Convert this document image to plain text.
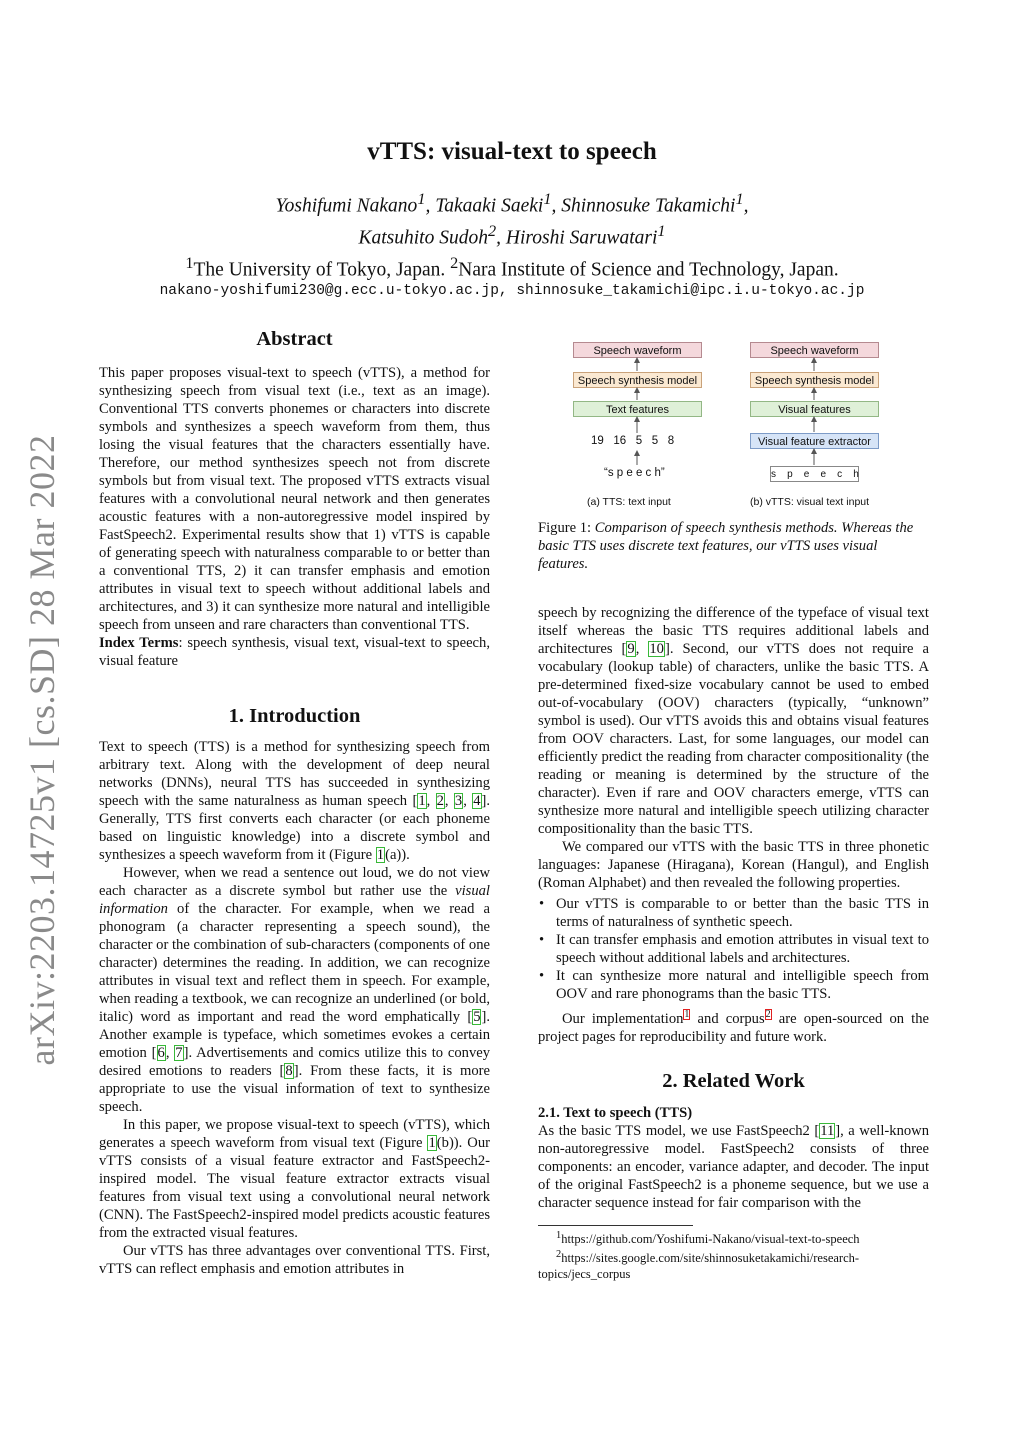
arXiv:2203.14725v1 [cs.SD] 28 Mar 2022
vTTS: visual-text to speech
Yoshifumi Nakano$^1$, Takaaki Saeki$^1$, Shinnosuke Takamichi$^1$,
Katsuhito Sudoh$^2$, Hiroshi Saruwatari$^1$
$^1$The University of Tokyo, Japan. $^2$Nara Institute of Science and Technology, Japan.
nakano-yoshifumi230@g.ecc.u-tokyo.ac.jp, shinnosuke_takamichi@ipc.i.u-tokyo.ac.jp
Abstract

This paper proposes visual-text to speech (vTTS), a method for synthesizing speech from visual text (i.e., text as an image). Conventional TTS converts phonemes or characters into discrete symbols and synthesizes a speech waveform from them, thus losing the visual features that the characters essentially have. Therefore, our method synthesizes speech not from discrete symbols but from visual text. The proposed vTTS extracts visual features with a convolutional neural network and then generates acoustic features with a non-autoregressive model inspired by FastSpeech2. Experimental results show that 1) vTTS is capable of generating speech with naturalness comparable to or better than a conventional TTS, 2) it can transfer emphasis and emotion attributes in visual text to speech without additional labels and architectures, and 3) it can synthesize more natural and intelligible speech from unseen and rare characters than conventional TTS.

Index Terms: speech synthesis, visual text, visual-text to speech, visual feature

1. Introduction

Text to speech (TTS) is a method for synthesizing speech from arbitrary text. Along with the development of deep neural networks (DNNs), neural TTS has succeeded in synthesizing speech with the same naturalness as human speech [1, 2, 3, 4]. Generally, TTS first converts each character (or each phoneme based on linguistic knowledge) into a discrete symbol and synthesizes a speech waveform from it (Figure 1(a)).

However, when we read a sentence out loud, we do not view each character as a discrete symbol but rather use the visual information of the character. For example, when we read a phonogram (a character representing a speech sound), the character or the combination of sub-characters (components of one character) determines the reading. In addition, we can recognize attributes in visual text and reflect them in speech. For example, when reading a textbook, we can recognize an underlined (or bold, italic) word as important and read the word emphatically [5]. Another example is typeface, which sometimes evokes a certain emotion [6, 7]. Advertisements and comics utilize this to convey desired emotions to readers [8]. From these facts, it is more appropriate to use the visual information of text to synthesize speech.

In this paper, we propose visual-text to speech (vTTS), which generates a speech waveform from visual text (Figure 1(b)). Our vTTS consists of a visual feature extractor and FastSpeech2-inspired model. The visual feature extractor extracts visual features from visual text using a convolutional neural network (CNN). The FastSpeech2-inspired model predicts acoustic features from the extracted visual features.

Our vTTS has three advantages over conventional TTS. First, vTTS can reflect emphasis and emotion attributes in

Speech waveform
Speech synthesis model
Text features
19   16   5   5   8
“s p e e c h”
(a) TTS: text input
Speech waveform
Speech synthesis model
Visual features
Visual feature extractor
s    p    e    e    c    h
(b) vTTS: visual text input
Figure 1: Comparison of speech synthesis methods. Whereas the basic TTS uses discrete text features, our vTTS uses visual features.

speech by recognizing the difference of the typeface of visual text itself whereas the basic TTS requires additional labels and architectures [9, 10]. Second, our vTTS does not require a vocabulary (lookup table) of characters, unlike the basic TTS. A pre-determined fixed-size vocabulary cannot be used to embed out-of-vocabulary (OOV) characters (typically, “unknown” symbol is used). Our vTTS avoids this and obtains visual features from OOV characters. Last, for some languages, our model can efficiently predict the reading from character compositionality (the reading or meaning is determined by the structure of the character). Even if rare and OOV characters emerge, vTTS can synthesize more natural and intelligible speech utilizing character compositionality than the basic TTS.

We compared our vTTS with the basic TTS in three phonetic languages: Japanese (Hiragana), Korean (Hangul), and English (Roman Alphabet) and then revealed the following properties.

• Our vTTS is comparable to or better than the basic TTS in terms of naturalness of synthetic speech.
• It can transfer emphasis and emotion attributes in visual text to speech without additional labels and architectures.
• It can synthesize more natural and intelligible speech from OOV and rare phonograms than the basic TTS.

Our implementation$^1$ and corpus$^2$ are open-sourced on the project pages for reproducibility and future work.

2. Related Work
2.1. Text to speech (TTS)

As the basic TTS model, we use FastSpeech2 [11], a well-known non-autoregressive model. FastSpeech2 consists of three components: an encoder, variance adapter, and decoder. The input of the original FastSpeech2 is a phoneme sequence, but we use a character sequence instead for fair comparison with the

$^1$https://github.com/Yoshifumi-Nakano/visual-text-to-speech
$^2$https://sites.google.com/site/shinnosuketakamichi/research-topics/jecs_corpus
